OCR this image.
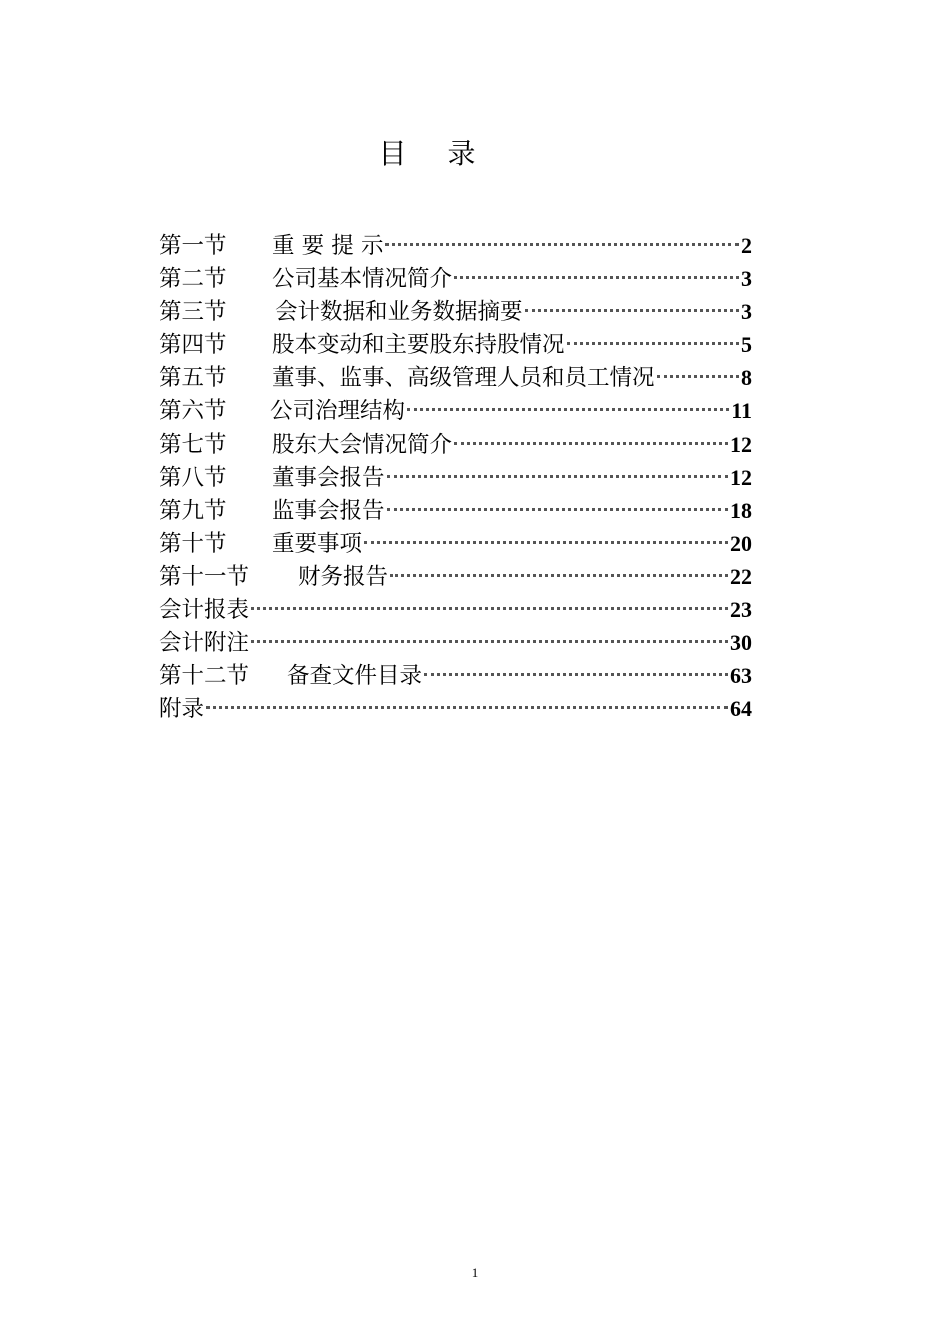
目 录
第一节 重 要 提 示	2
第二节 公司基本情况简介	3
第三节 会计数据和业务数据摘要	3
第四节 股本变动和主要股东持股情况	5
第五节 董事、监事、高级管理人员和员工情况	8
第六节 公司治理结构	11
第七节 股东大会情况简介	12
第八节 董事会报告	12
第九节 监事会报告	18
第十节 重要事项	20
第十一节 财务报告	22
会计报表	23
会计附注	30
第十二节 备查文件目录	63
附录	64
1
